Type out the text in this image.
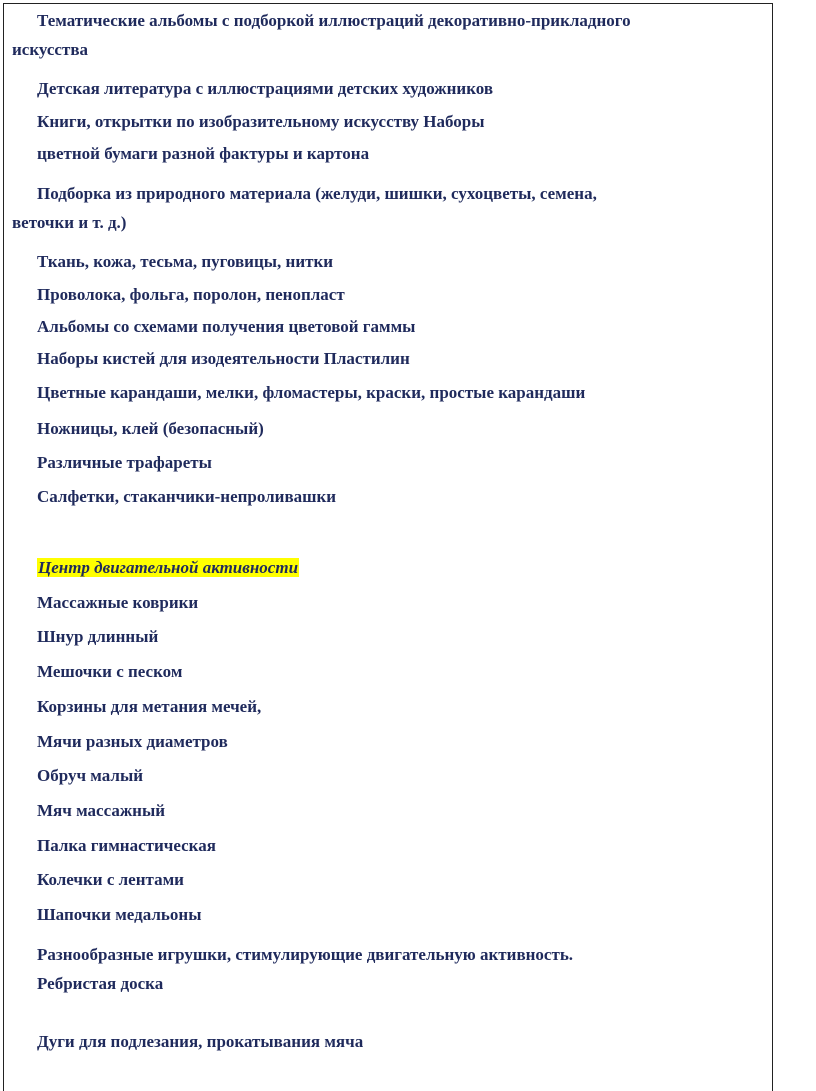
Тематические альбомы с подборкой иллюстраций декоративно-прикладного

искусства

Детская литература с иллюстрациями детских художников

Книги, открытки по изобразительному искусству Наборы

цветной бумаги разной фактуры и картона

Подборка из природного материала (желуди, шишки, сухоцветы, семена,

веточки и т. д.)

Ткань, кожа, тесьма, пуговицы, нитки

Проволока, фольга, поролон, пенопласт

Альбомы со схемами получения цветовой гаммы

Наборы кистей для изодеятельности Пластилин

Цветные карандаши, мелки, фломастеры, краски, простые карандаши

Ножницы, клей (безопасный)

Различные трафареты

Салфетки, стаканчики-непроливашки

Центр двигательной активности

Массажные коврики

Шнур длинный

Мешочки с песком

Корзины для метания мечей,

Мячи разных диаметров

Обруч малый

Мяч массажный

Палка гимнастическая

Колечки с лентами

Шапочки медальоны

Разнообразные игрушки, стимулирующие двигательную активность.

Ребристая доска

Дуги для подлезания, прокатывания мяча
